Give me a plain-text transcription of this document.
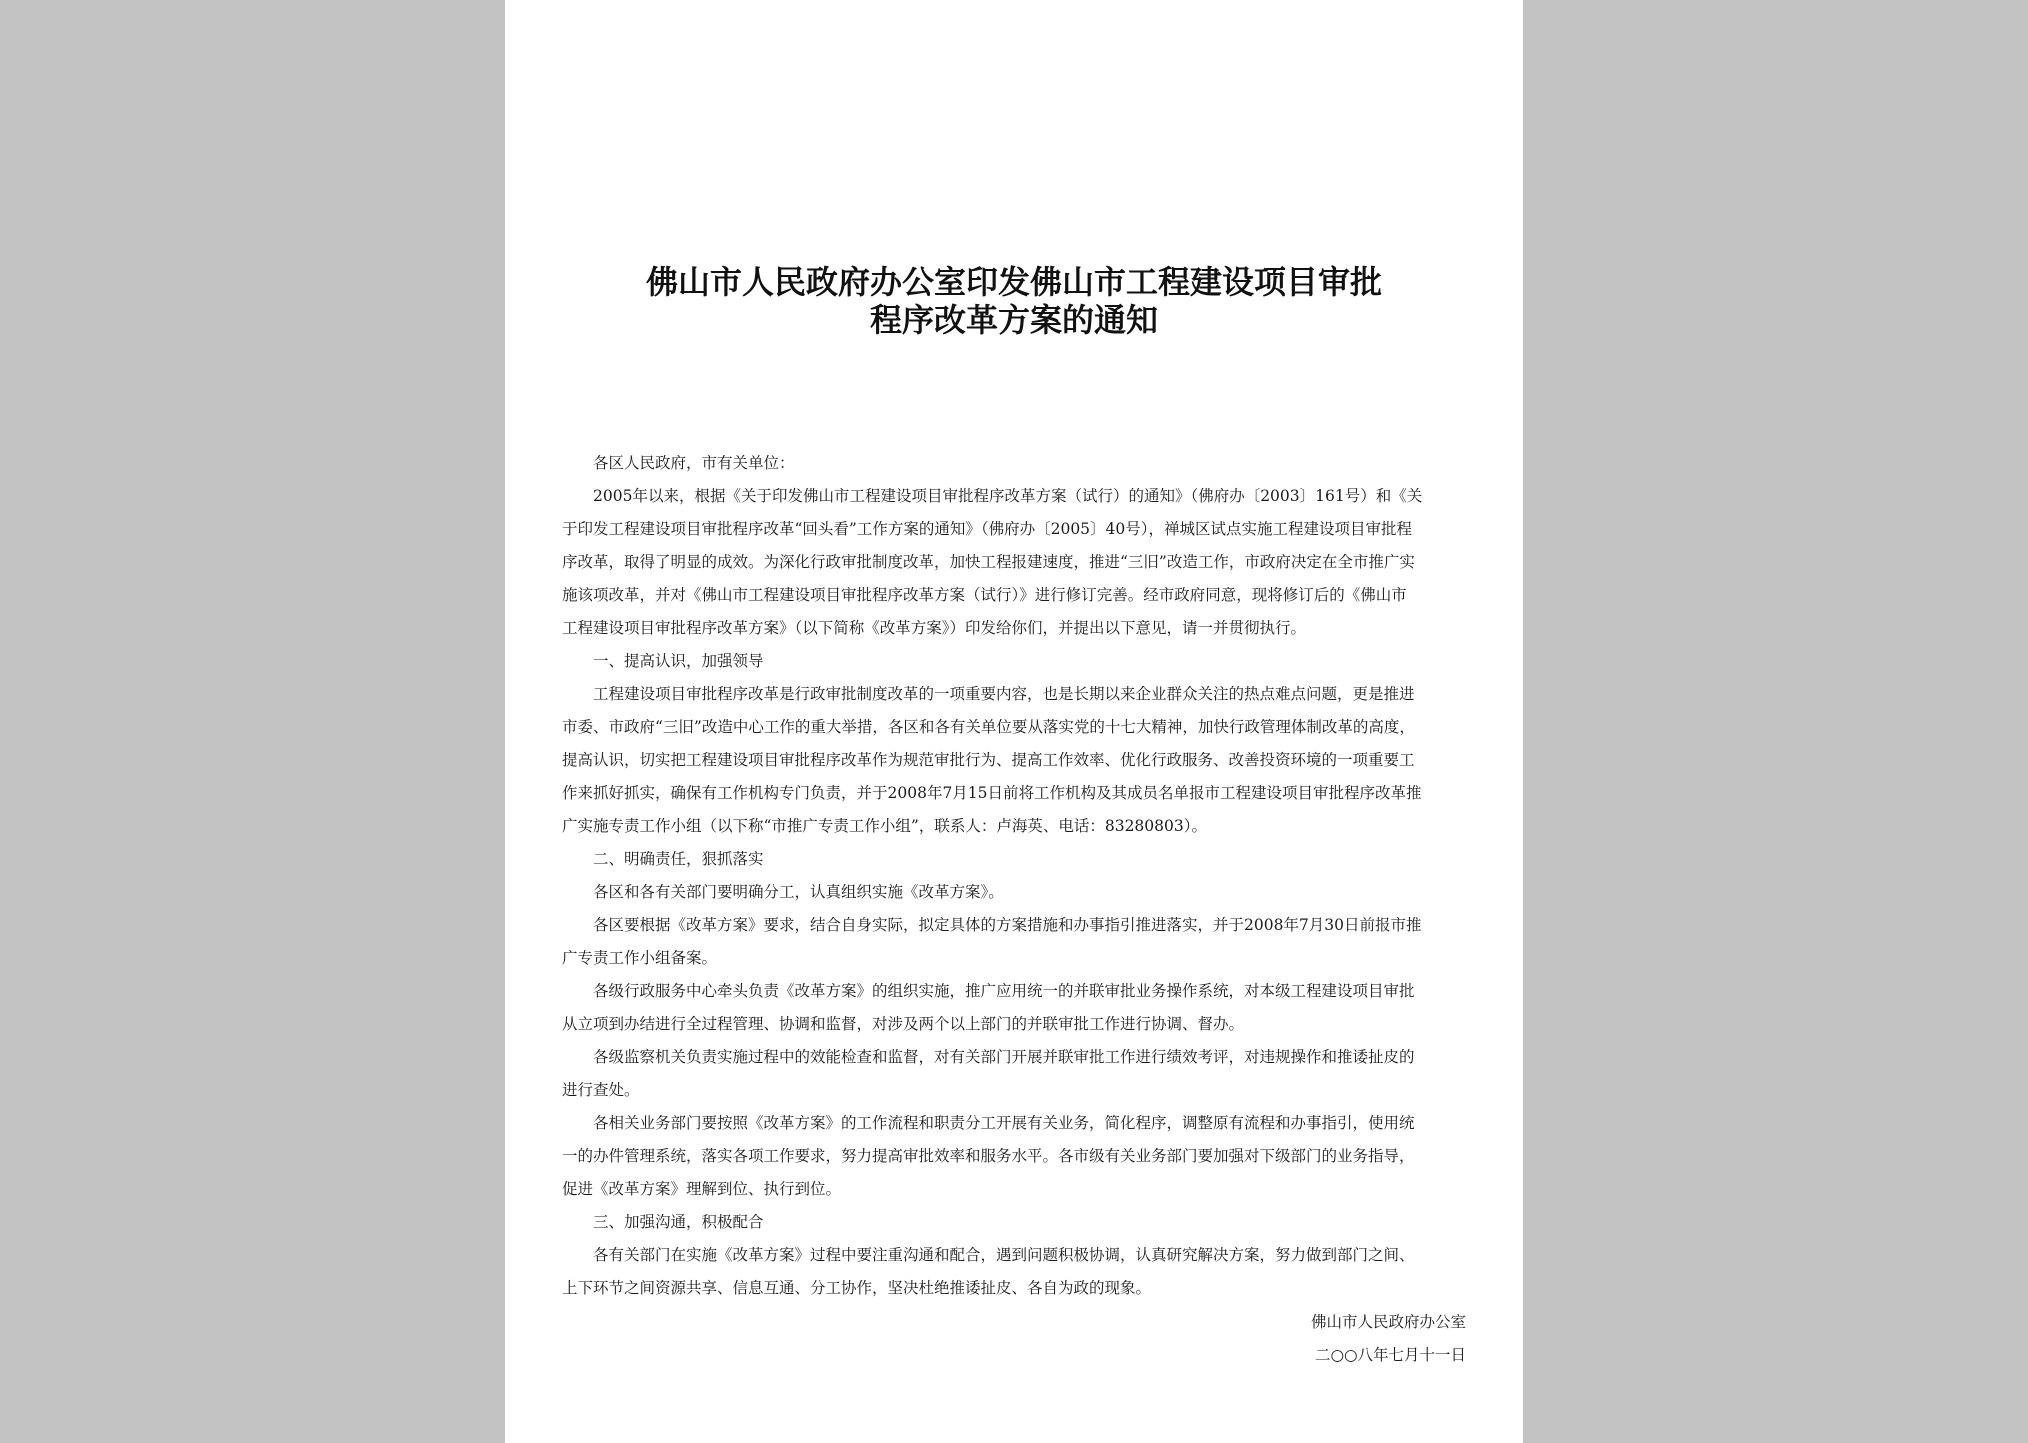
佛山市人民政府办公室印发佛山市工程建设项目审批
程序改革方案的通知
各区人民政府，市有关单位：
2005年以来，根据《关于印发佛山市工程建设项目审批程序改革方案（试行）的通知》（佛府办〔2003〕161号）和《关
于印发工程建设项目审批程序改革“回头看”工作方案的通知》（佛府办〔2005〕40号），禅城区试点实施工程建设项目审批程
序改革，取得了明显的成效。为深化行政审批制度改革，加快工程报建速度，推进“三旧”改造工作，市政府决定在全市推广实
施该项改革，并对《佛山市工程建设项目审批程序改革方案（试行）》进行修订完善。经市政府同意，现将修订后的《佛山市
工程建设项目审批程序改革方案》（以下简称《改革方案》）印发给你们，并提出以下意见，请一并贯彻执行。
一、提高认识，加强领导
工程建设项目审批程序改革是行政审批制度改革的一项重要内容，也是长期以来企业群众关注的热点难点问题，更是推进
市委、市政府“三旧”改造中心工作的重大举措，各区和各有关单位要从落实党的十七大精神，加快行政管理体制改革的高度，
提高认识，切实把工程建设项目审批程序改革作为规范审批行为、提高工作效率、优化行政服务、改善投资环境的一项重要工
作来抓好抓实，确保有工作机构专门负责，并于2008年7月15日前将工作机构及其成员名单报市工程建设项目审批程序改革推
广实施专责工作小组（以下称“市推广专责工作小组”，联系人：卢海英、电话：83280803）。
二、明确责任，狠抓落实
各区和各有关部门要明确分工，认真组织实施《改革方案》。
各区要根据《改革方案》要求，结合自身实际，拟定具体的方案措施和办事指引推进落实，并于2008年7月30日前报市推
广专责工作小组备案。
各级行政服务中心牵头负责《改革方案》的组织实施，推广应用统一的并联审批业务操作系统，对本级工程建设项目审批
从立项到办结进行全过程管理、协调和监督，对涉及两个以上部门的并联审批工作进行协调、督办。
各级监察机关负责实施过程中的效能检查和监督，对有关部门开展并联审批工作进行绩效考评，对违规操作和推诿扯皮的
进行查处。
各相关业务部门要按照《改革方案》的工作流程和职责分工开展有关业务，简化程序，调整原有流程和办事指引，使用统
一的办件管理系统，落实各项工作要求，努力提高审批效率和服务水平。各市级有关业务部门要加强对下级部门的业务指导，
促进《改革方案》理解到位、执行到位。
三、加强沟通，积极配合
各有关部门在实施《改革方案》过程中要注重沟通和配合，遇到问题积极协调，认真研究解决方案，努力做到部门之间、
上下环节之间资源共享、信息互通、分工协作，坚决杜绝推诿扯皮、各自为政的现象。
佛山市人民政府办公室
二○○八年七月十一日
